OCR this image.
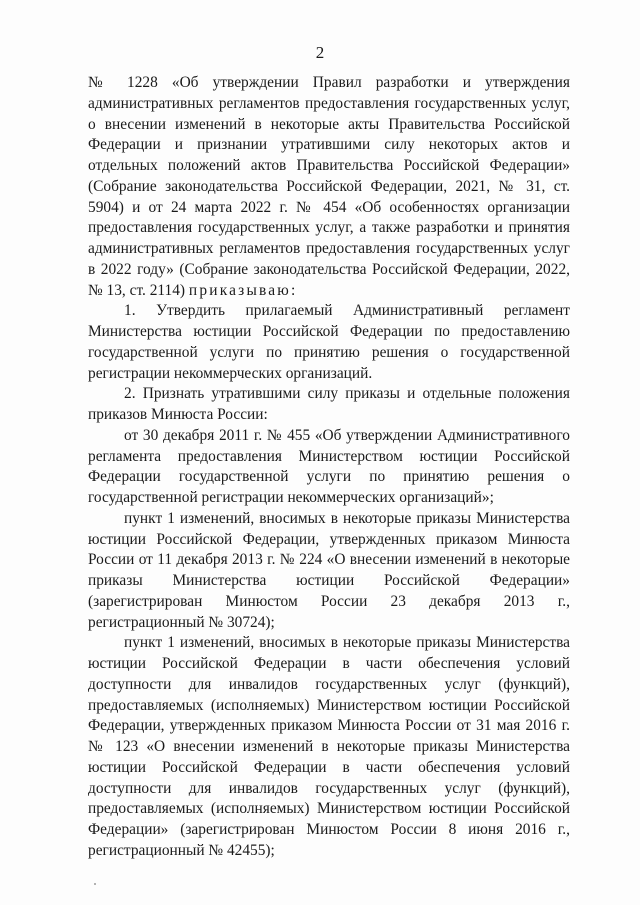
2

№ 1228 «Об утверждении Правил разработки и утверждения административных регламентов предоставления государственных услуг, о внесении изменений в некоторые акты Правительства Российской Федерации и признании утратившими силу некоторых актов и отдельных положений актов Правительства Российской Федерации» (Собрание законодательства Российской Федерации, 2021, № 31, ст. 5904) и от 24 марта 2022 г. № 454 «Об особенностях организации предоставления государственных услуг, а также разработки и принятия административных регламентов предоставления государственных услуг в 2022 году» (Собрание законодательства Российской Федерации, 2022, № 13, ст. 2114) приказываю:

1. Утвердить прилагаемый Административный регламент Министерства юстиции Российской Федерации по предоставлению государственной услуги по принятию решения о государственной регистрации некоммерческих организаций.

2. Признать утратившими силу приказы и отдельные положения приказов Минюста России:

от 30 декабря 2011 г. № 455 «Об утверждении Административного регламента предоставления Министерством юстиции Российской Федерации государственной услуги по принятию решения о государственной регистрации некоммерческих организаций»;

пункт 1 изменений, вносимых в некоторые приказы Министерства юстиции Российской Федерации, утвержденных приказом Минюста России от 11 декабря 2013 г. № 224 «О внесении изменений в некоторые приказы Министерства юстиции Российской Федерации» (зарегистрирован Минюстом России 23 декабря 2013 г., регистрационный № 30724);

пункт 1 изменений, вносимых в некоторые приказы Министерства юстиции Российской Федерации в части обеспечения условий доступности для инвалидов государственных услуг (функций), предоставляемых (исполняемых) Министерством юстиции Российской Федерации, утвержденных приказом Минюста России от 31 мая 2016 г. № 123 «О внесении изменений в некоторые приказы Министерства юстиции Российской Федерации в части обеспечения условий доступности для инвалидов государственных услуг (функций), предоставляемых (исполняемых) Министерством юстиции Российской Федерации» (зарегистрирован Минюстом России 8 июня 2016 г., регистрационный № 42455);
